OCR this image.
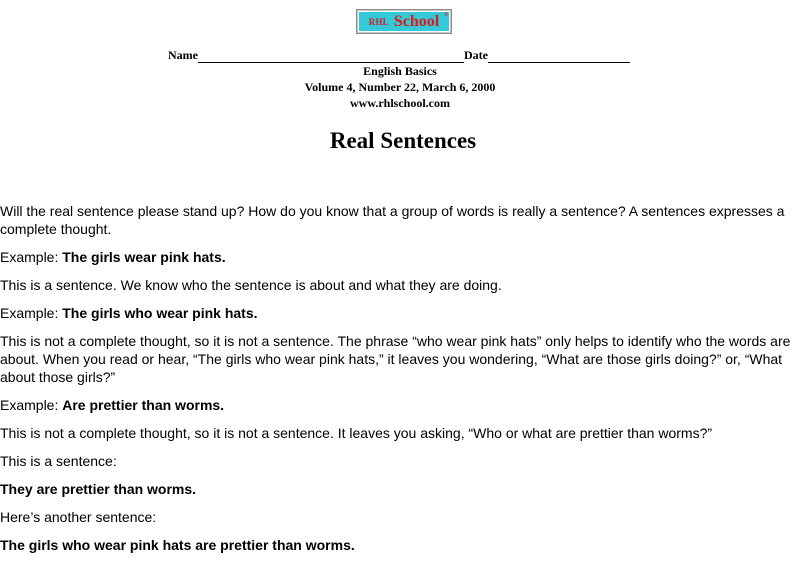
RHL School ®
Name	Date
English Basics
Volume 4, Number 22, March 6, 2000
www.rhlschool.com
Real Sentences

Will the real sentence please stand up? How do you know that a group of words is really a sentence? A sentences expresses a complete thought.

Example: The girls wear pink hats.

This is a sentence. We know who the sentence is about and what they are doing.

Example: The girls who wear pink hats.

This is not a complete thought, so it is not a sentence. The phrase “who wear pink hats” only helps to identify who the words are about. When you read or hear, “The girls who wear pink hats,” it leaves you wondering, “What are those girls doing?” or, “What about those girls?”

Example: Are prettier than worms.

This is not a complete thought, so it is not a sentence. It leaves you asking, “Who or what are prettier than worms?”

This is a sentence:

They are prettier than worms.

Here’s another sentence:

The girls who wear pink hats are prettier than worms.
